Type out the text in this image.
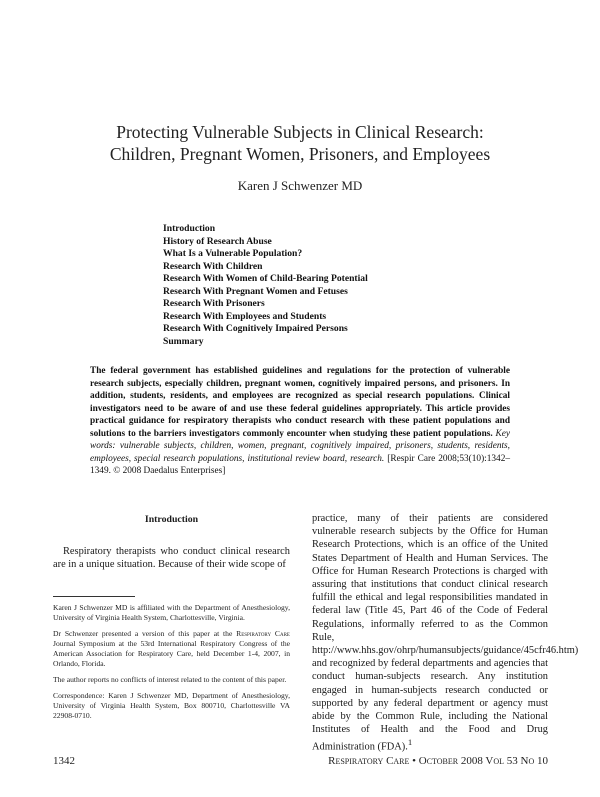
Protecting Vulnerable Subjects in Clinical Research:
Children, Pregnant Women, Prisoners, and Employees
Karen J Schwenzer MD
Introduction
History of Research Abuse
What Is a Vulnerable Population?
Research With Children
Research With Women of Child-Bearing Potential
Research With Pregnant Women and Fetuses
Research With Prisoners
Research With Employees and Students
Research With Cognitively Impaired Persons
Summary
The federal government has established guidelines and regulations for the protection of vulnerable research subjects, especially children, pregnant women, cognitively impaired persons, and prisoners. In addition, students, residents, and employees are recognized as special research populations. Clinical investigators need to be aware of and use these federal guidelines appropriately. This article provides practical guidance for respiratory therapists who conduct research with these patient populations and solutions to the barriers investigators commonly encounter when studying these patient populations. Key words: vulnerable subjects, children, women, pregnant, cognitively impaired, prisoners, students, residents, employees, special research populations, institutional review board, research. [Respir Care 2008;53(10):1342–1349. © 2008 Daedalus Enterprises]
Introduction

Respiratory therapists who conduct clinical research are in a unique situation. Because of their wide scope of

Karen J Schwenzer MD is affiliated with the Department of Anesthesiology, University of Virginia Health System, Charlottesville, Virginia.

Dr Schwenzer presented a version of this paper at the Respiratory Care Journal Symposium at the 53rd International Respiratory Congress of the American Association for Respiratory Care, held December 1-4, 2007, in Orlando, Florida.

The author reports no conflicts of interest related to the content of this paper.

Correspondence: Karen J Schwenzer MD, Department of Anesthesiology, University of Virginia Health System, Box 800710, Charlottesville VA 22908-0710.

practice, many of their patients are considered vulnerable research subjects by the Office for Human Research Protections, which is an office of the United States Department of Health and Human Services. The Office for Human Research Protections is charged with assuring that institutions that conduct clinical research fulfill the ethical and legal responsibilities mandated in federal law (Title 45, Part 46 of the Code of Federal Regulations, informally referred to as the Common Rule, http://www.hhs.gov/ohrp/humansubjects/guidance/45cfr46.htm) and recognized by federal departments and agencies that conduct human-subjects research. Any institution engaged in human-subjects research conducted or supported by any federal department or agency must abide by the Common Rule, including the National Institutes of Health and the Food and Drug Administration (FDA).$^1$

1342	Respiratory Care • October 2008 Vol 53 No 10
